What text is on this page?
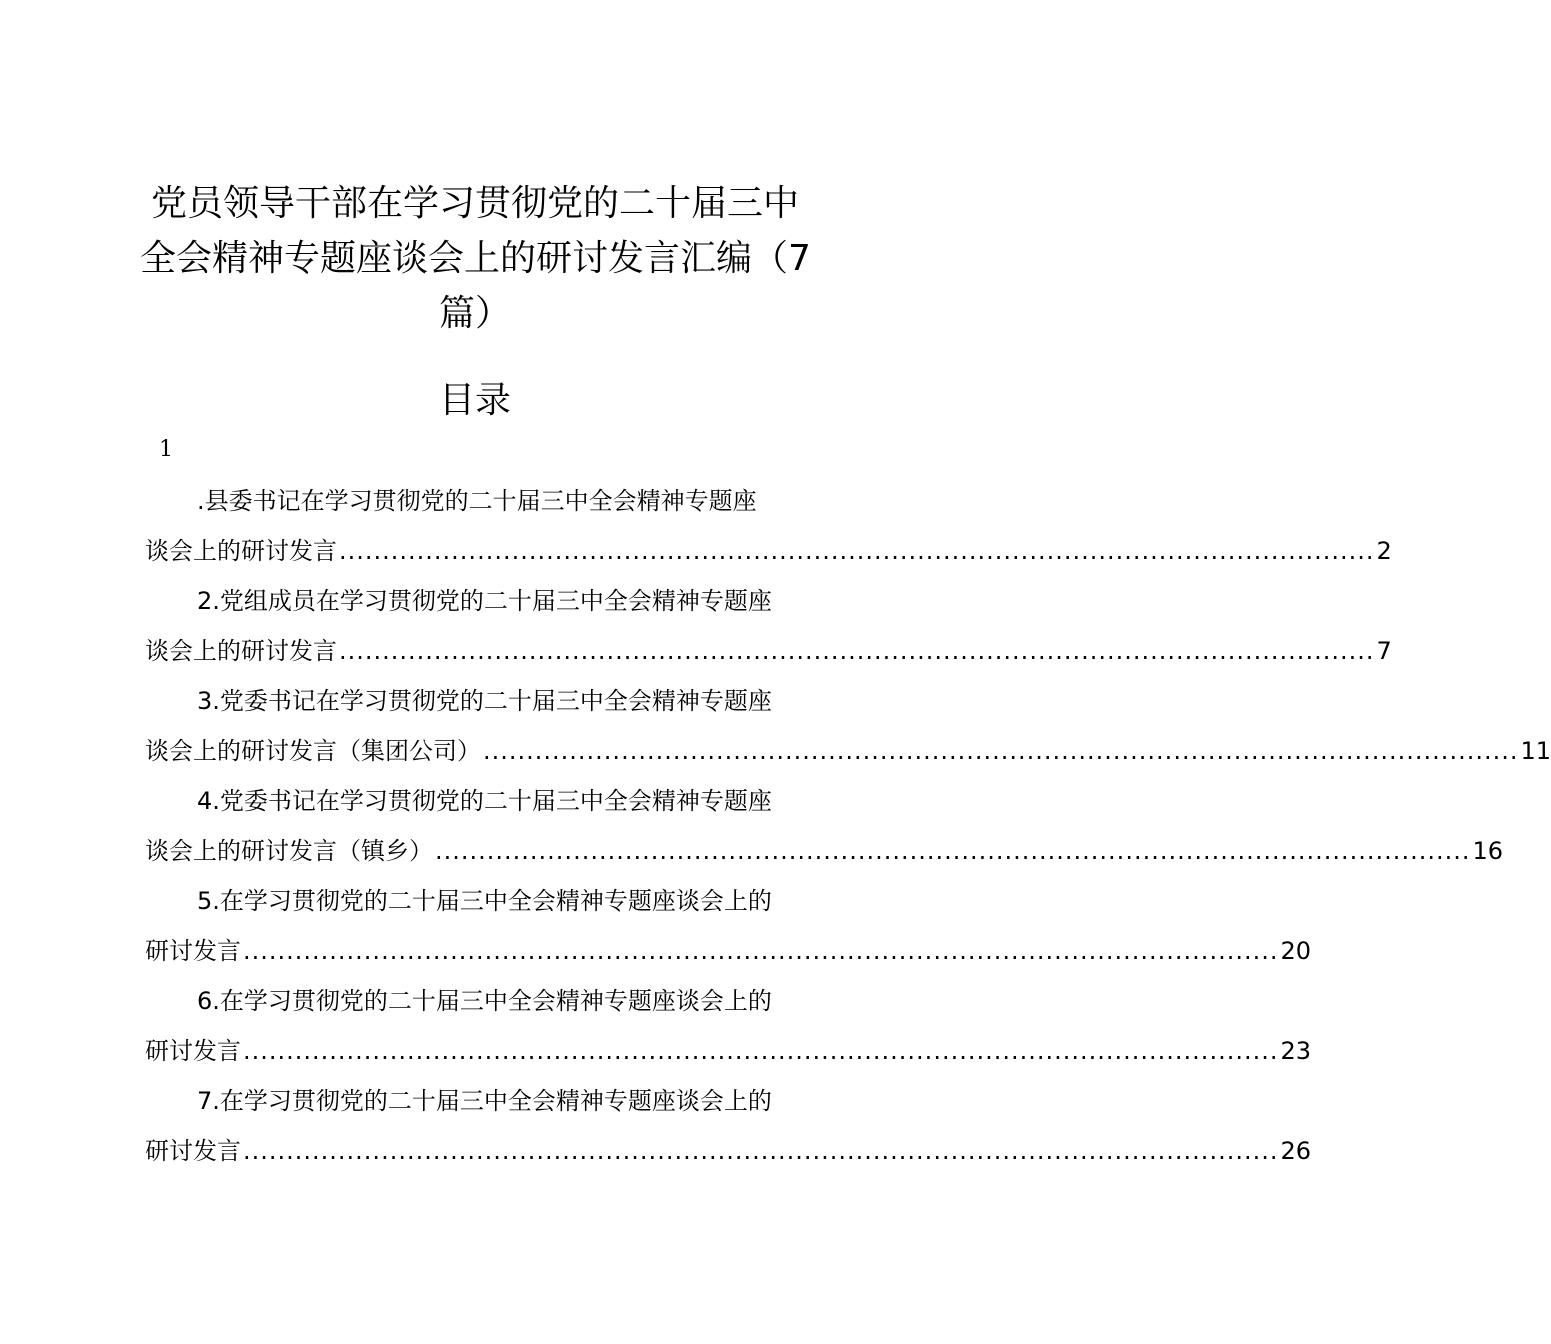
党员领导干部在学习贯彻党的二十届三中
全会精神专题座谈会上的研讨发言汇编（7
篇）
目录
1
.县委书记在学习贯彻党的二十届三中全会精神专题座
谈会上的研讨发言 ........................................................................................................................ 2
2.党组成员在学习贯彻党的二十届三中全会精神专题座
谈会上的研讨发言 ........................................................................................................................ 7
3.党委书记在学习贯彻党的二十届三中全会精神专题座
谈会上的研讨发言（集团公司） ........................................................................................................................ 11
4.党委书记在学习贯彻党的二十届三中全会精神专题座
谈会上的研讨发言（镇乡） ........................................................................................................................ 16
5.在学习贯彻党的二十届三中全会精神专题座谈会上的
研讨发言 ........................................................................................................................ 20
6.在学习贯彻党的二十届三中全会精神专题座谈会上的
研讨发言 ........................................................................................................................ 23
7.在学习贯彻党的二十届三中全会精神专题座谈会上的
研讨发言 ........................................................................................................................ 26
